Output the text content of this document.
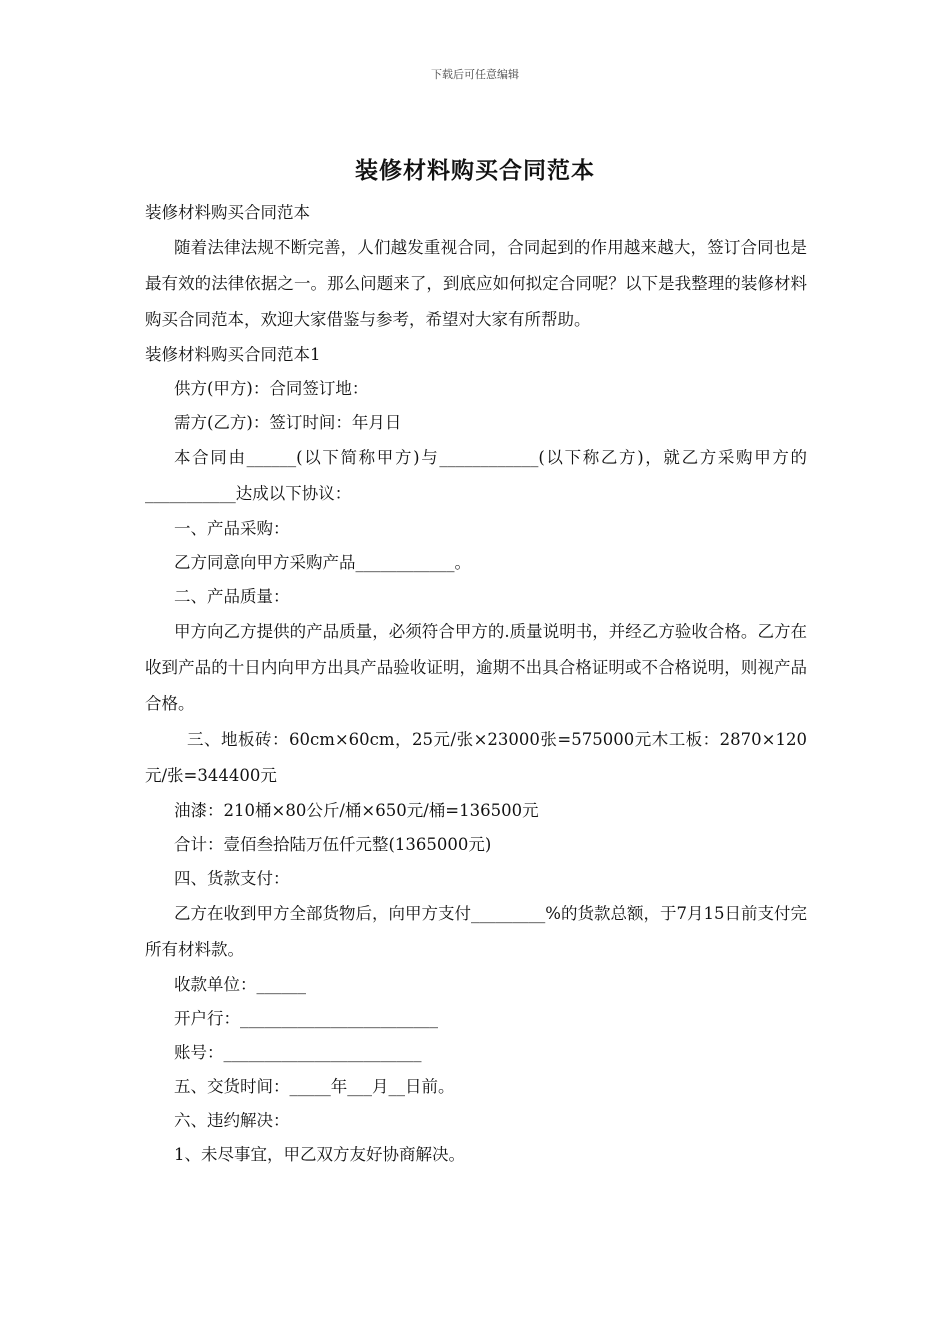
下载后可任意编辑
装修材料购买合同范本

装修材料购买合同范本

随着法律法规不断完善，人们越发重视合同，合同起到的作用越来越大，签订合同也是最有效的法律依据之一。那么问题来了，到底应如何拟定合同呢？以下是我整理的装修材料购买合同范本，欢迎大家借鉴与参考，希望对大家有所帮助。

装修材料购买合同范本1

供方(甲方)：合同签订地：

需方(乙方)：签订时间：年月日

本合同由______(以下简称甲方)与____________(以下称乙方)，就乙方采购甲方的___________达成以下协议：

一、产品采购：

乙方同意向甲方采购产品____________。

二、产品质量：

甲方向乙方提供的产品质量，必须符合甲方的.质量说明书，并经乙方验收合格。乙方在收到产品的十日内向甲方出具产品验收证明，逾期不出具合格证明或不合格说明，则视产品合格。

三、地板砖：60cm×60cm，25元/张×23000张=575000元木工板：2870×120元/张=344400元

油漆：210桶×80公斤/桶×650元/桶=136500元

合计：壹佰叁拾陆万伍仟元整(1365000元)

四、货款支付：

乙方在收到甲方全部货物后，向甲方支付_________%的货款总额，于7月15日前支付完所有材料款。

收款单位：______

开户行：________________________

账号：________________________

五、交货时间：_____年___月__日前。

六、违约解决：

1、未尽事宜，甲乙双方友好协商解决。
